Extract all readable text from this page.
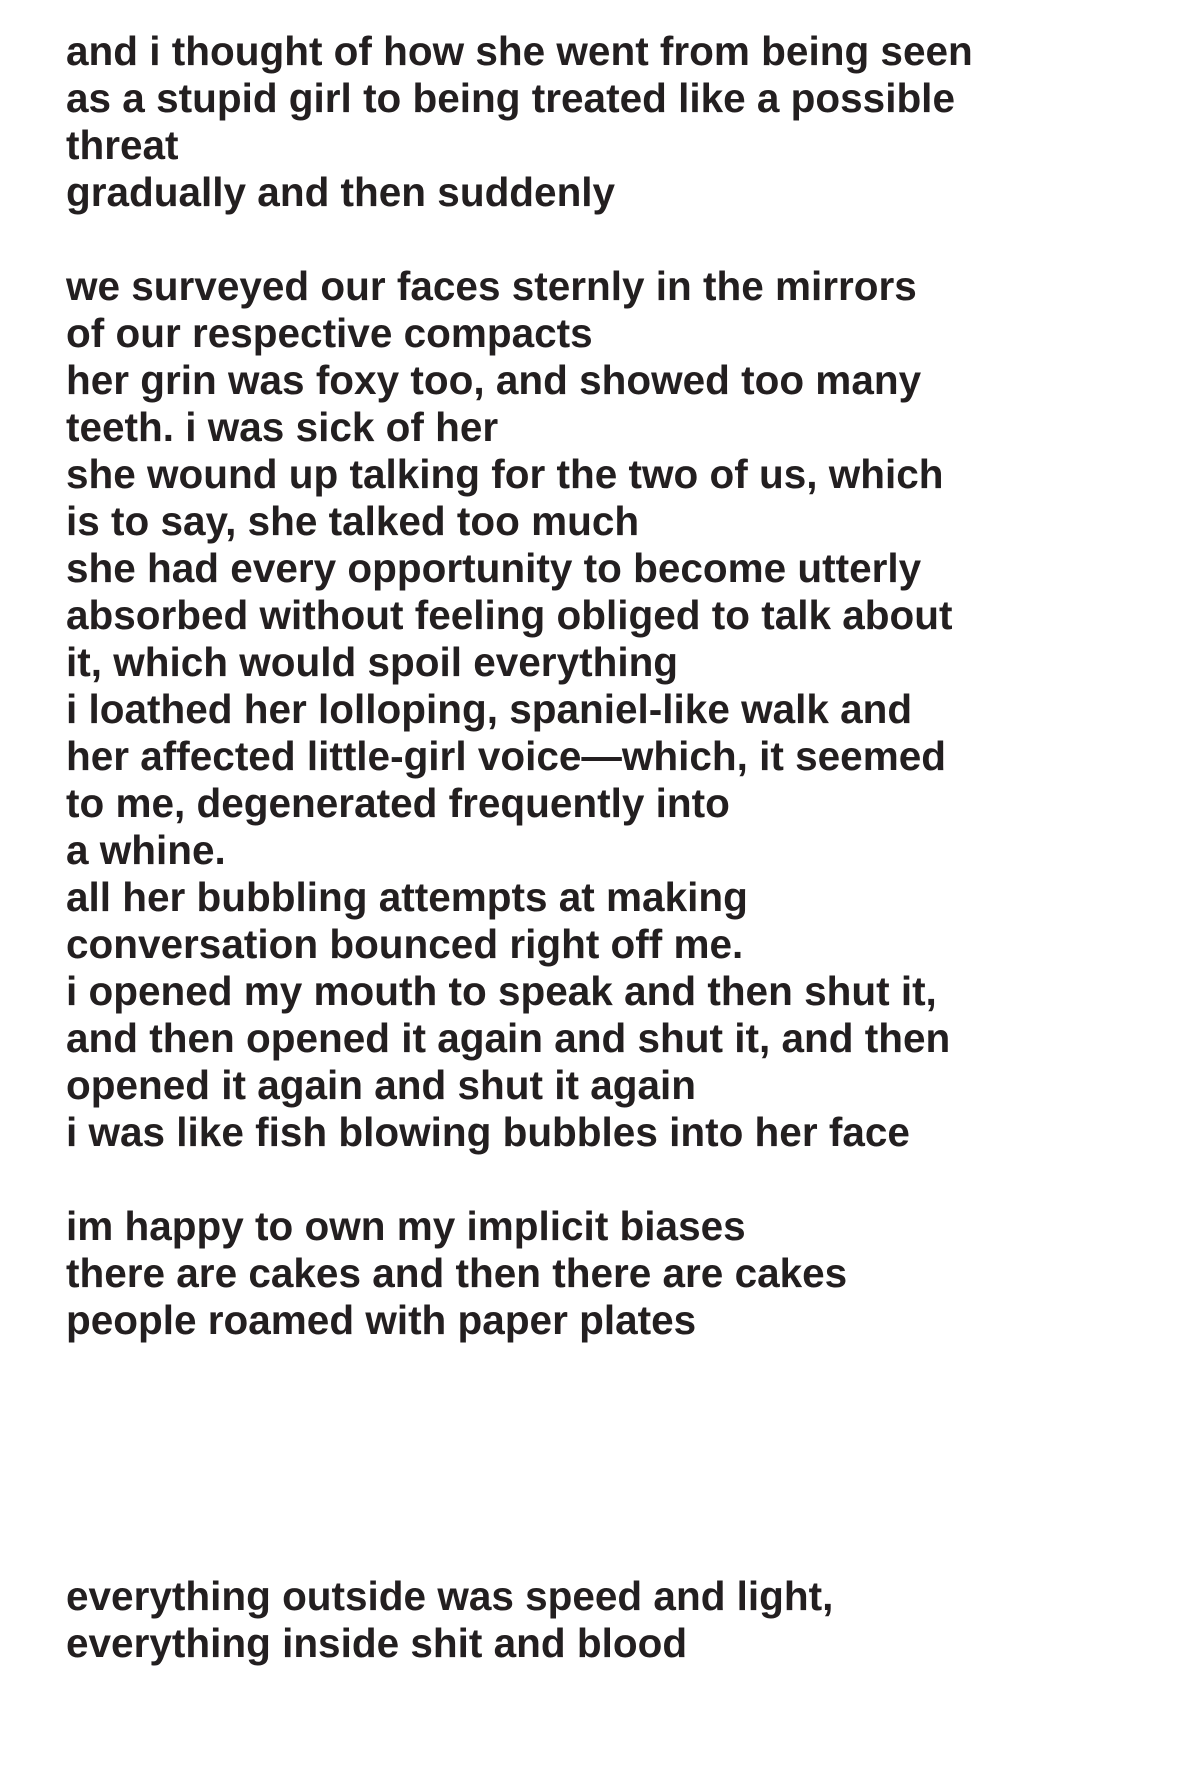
and i thought of how she went from being seen
as a stupid girl to being treated like a possible
threat
gradually and then suddenly
we surveyed our faces sternly in the mirrors
of our respective compacts
her grin was foxy too, and showed too many
teeth. i was sick of her
she wound up talking for the two of us, which
is to say, she talked too much
she had every opportunity to become utterly
absorbed without feeling obliged to talk about
it, which would spoil everything
i loathed her lolloping, spaniel-like walk and
her affected little-girl voice—which, it seemed
to me, degenerated frequently into
a whine.
all her bubbling attempts at making
conversation bounced right off me.
i opened my mouth to speak and then shut it,
and then opened it again and shut it, and then
opened it again and shut it again
i was like fish blowing bubbles into her face
im happy to own my implicit biases
there are cakes and then there are cakes
people roamed with paper plates
everything outside was speed and light,
everything inside shit and blood
